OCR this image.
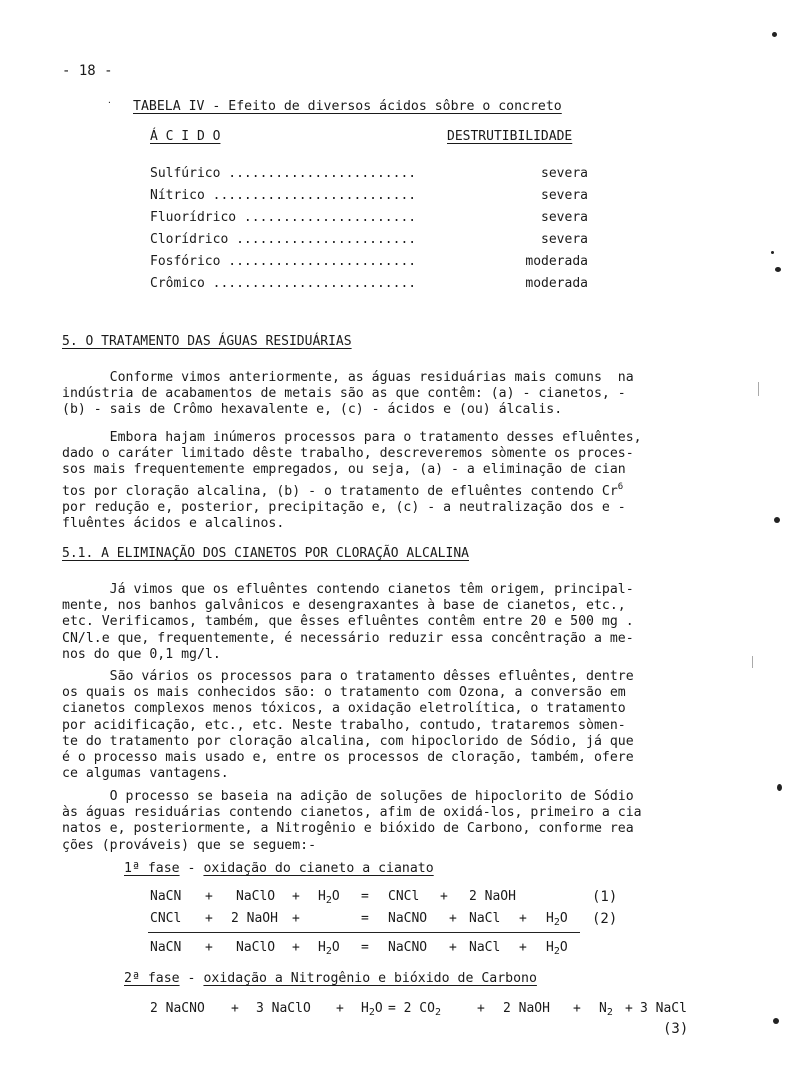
- 18 -
. TABELA IV - Efeito de diversos ácidos sôbre o concreto
Á C I D O	DESTRUTIBILIDADE
Sulfúrico ........................	severa
Nítrico ..........................	severa
Fluorídrico ......................	severa
Clorídrico .......................	severa
Fosfórico ........................	moderada
Crômico ..........................	moderada
5. O TRATAMENTO DAS ÁGUAS RESIDUÁRIAS
Conforme vimos anteriormente, as águas residuárias mais comuns  na
indústria de acabamentos de metais são as que contêm: (a) - cianetos, -
(b) - sais de Crômo hexavalente e, (c) - ácidos e (ou) álcalis.
Embora hajam inúmeros processos para o tratamento desses efluêntes,
dado o caráter limitado dêste trabalho, descreveremos sòmente os proces-
sos mais frequentemente empregados, ou seja, (a) - a eliminação de cian
tos por cloração alcalina, (b) - o tratamento de efluêntes contendo Cr$^6$
por redução e, posterior, precipitação e, (c) - a neutralização dos e -
fluêntes ácidos e alcalinos.
5.1. A ELIMINAÇÃO DOS CIANETOS POR CLORAÇÃO ALCALINA
Já vimos que os efluêntes contendo cianetos têm origem, principal-
mente, nos banhos galvânicos e desengraxantes à base de cianetos, etc.,
etc. Verificamos, também, que êsses efluêntes contêm entre 20 e 500 mg .
CN/l.e que, frequentemente, é necessário reduzir essa concêntração a me-
nos do que 0,1 mg/l.
São vários os processos para o tratamento dêsses efluêntes, dentre
os quais os mais conhecidos são: o tratamento com Ozona, a conversão em
cianetos complexos menos tóxicos, a oxidação eletrolítica, o tratamento
por acidificação, etc., etc. Neste trabalho, contudo, trataremos sòmen-
te do tratamento por cloração alcalina, com hipoclorido de Sódio, já que
é o processo mais usado e, entre os processos de cloração, também, ofere
ce algumas vantagens.
O processo se baseia na adição de soluções de hipoclorito de Sódio
às águas residuárias contendo cianetos, afim de oxidá-los, primeiro a cia
natos e, posteriormente, a Nitrogênio e bióxido de Carbono, conforme rea
ções (prováveis) que se seguem:-
1ª fase - oxidação do cianeto a cianato
NaCN + NaClO + $H_2O$ = CNCl + 2 NaOH	(1)
CNCl + 2 NaOH +	= NaCNO + NaCl + $H_2O$ (2)
NaCN + NaClO + $H_2O$ = NaCNO + NaCl + $H_2O$
2ª fase - oxidação a Nitrogênio e bióxido de Carbono
2 NaCNO + 3 NaClO + $H_2O = 2$ $CO_2$	+ 2 NaOH + $N_2 + 3$ NaCl
(3)
